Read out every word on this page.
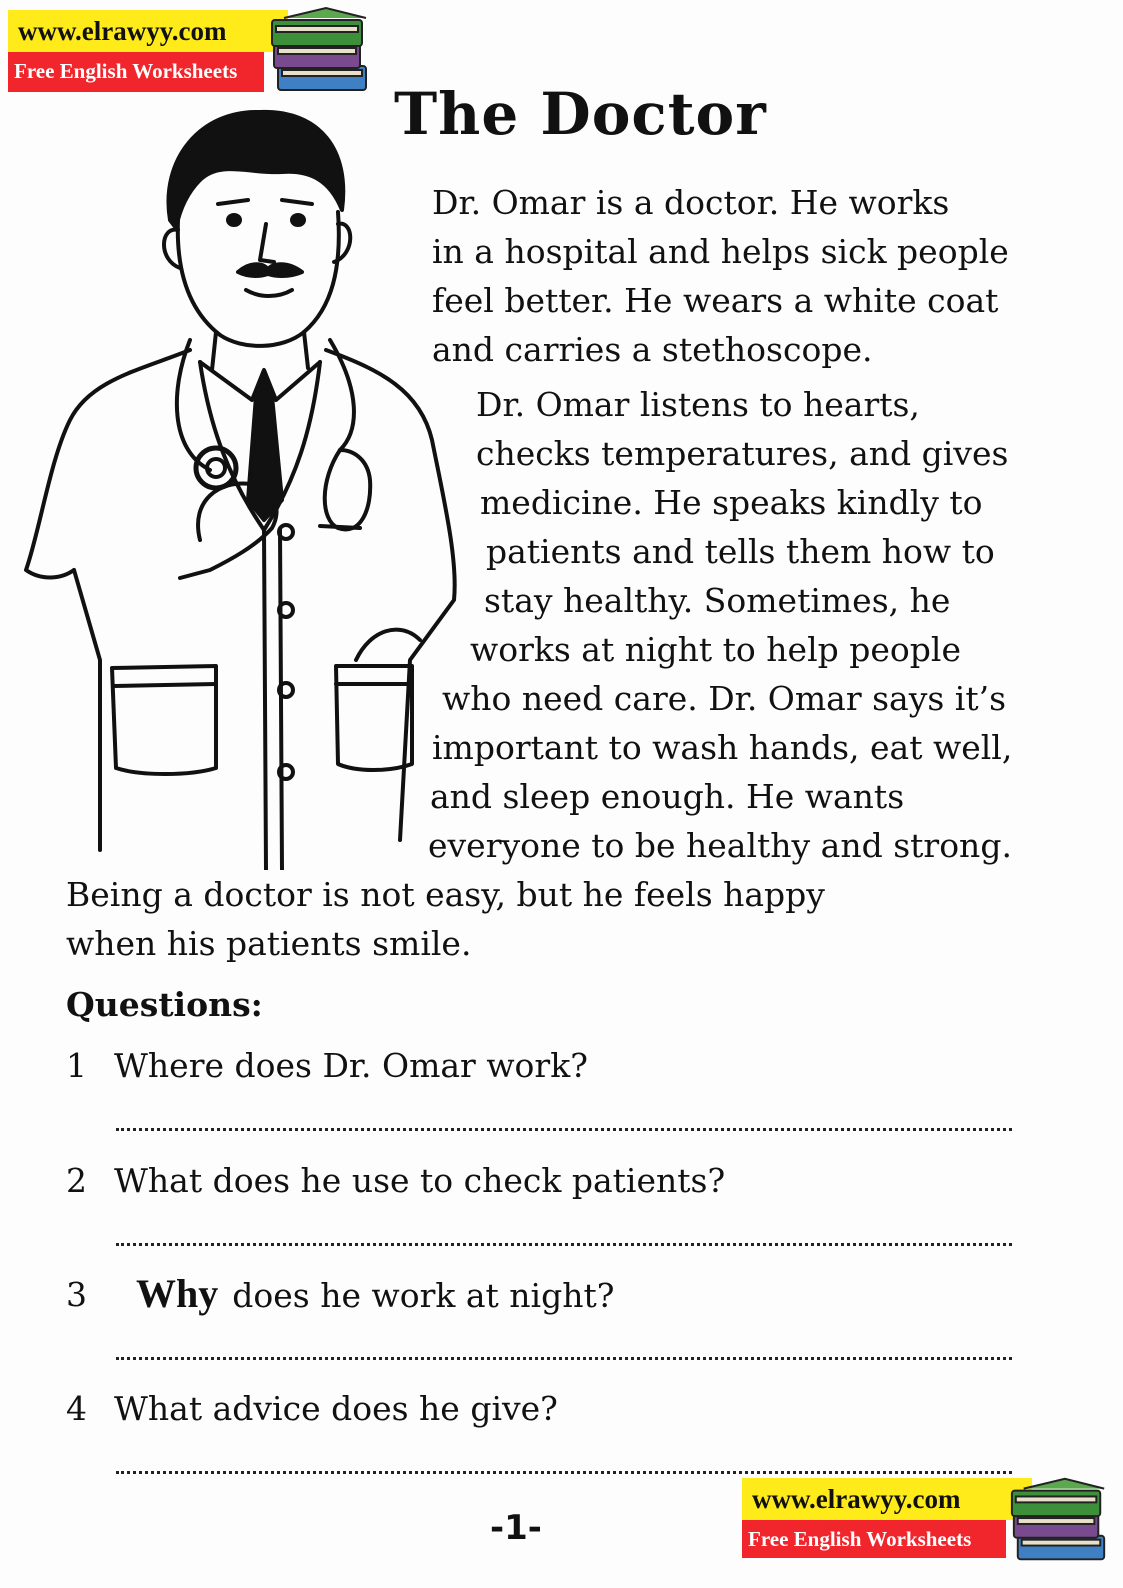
www.elrawyy.com
Free English Worksheets
The Doctor
Dr. Omar is a doctor. He works
in a hospital and helps sick people
feel better. He wears a white coat
and carries a stethoscope.
Dr. Omar listens to hearts,
checks temperatures, and gives
medicine. He speaks kindly to
patients and tells them how to
stay healthy. Sometimes, he
works at night to help people
who need care. Dr. Omar says it’s
important to wash hands, eat well,
and sleep enough. He wants
everyone to be healthy and strong.
Being a doctor is not easy, but he feels happy
when his patients smile.
Questions:
1 Where does Dr. Omar work?
2 What does he use to check patients?
3 Why does he work at night?
4 What advice does he give?
-1-
www.elrawyy.com
Free English Worksheets
